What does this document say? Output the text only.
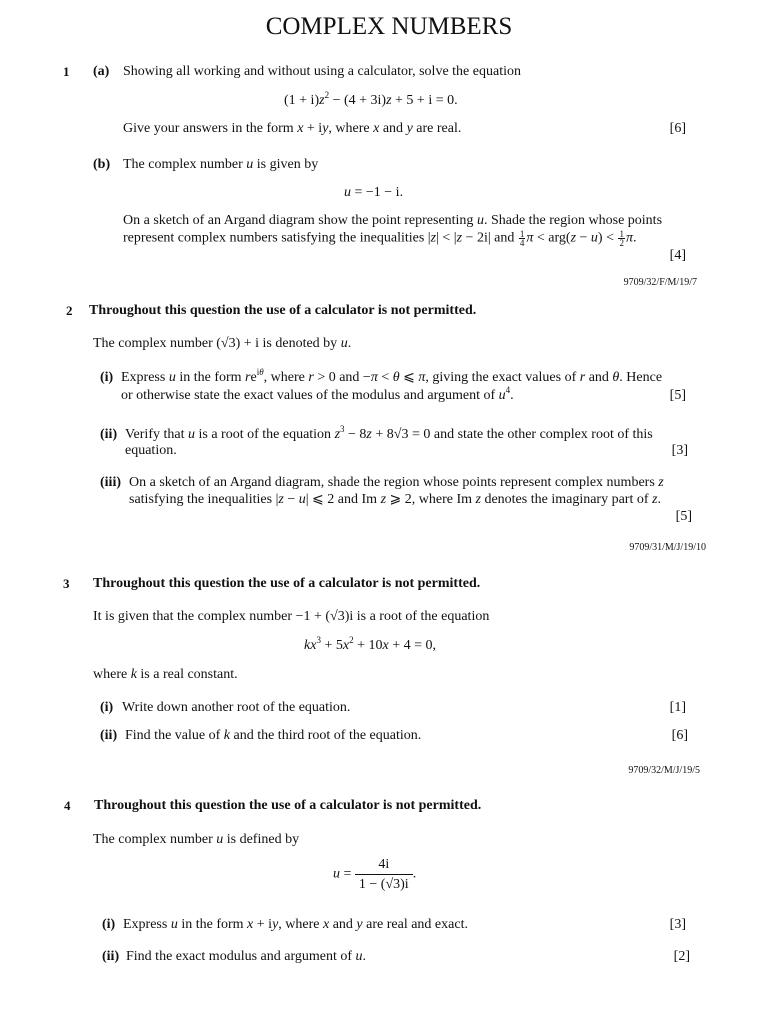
COMPLEX NUMBERS
1 (a) Showing all working and without using a calculator, solve the equation
$(1 + i)z^2 - (4 + 3i)z + 5 + i = 0$.
Give your answers in the form x + iy, where x and y are real.	[6]
(b) The complex number u is given by
u = −1 − i.
On a sketch of an Argand diagram show the point representing u. Shade the region whose points
represent complex numbers satisfying the inequalities |z| < |z − 2i| and $\frac{1}{4}$ $\pi < arg(z - u) < \frac{1}{2} \pi$.
[4]
9709/32/F/M/19/7
2 Throughout this question the use of a calculator is not permitted.
The complex number (√3) + i is denoted by u.
(i) Express u in the form $re^{i\theta}$, where r > 0 and −π < θ ⩽ π, giving the exact values of r and θ. Hence
or otherwise state the exact values of the modulus and argument of $u^4$.	[5]
(ii) Verify that u is a root of the equation $z^3 - 8z + 8√3 = 0$ and state the other complex root of this
equation.	[3]
(iii) On a sketch of an Argand diagram, shade the region whose points represent complex numbers z
satisfying the inequalities |z − u| ⩽ 2 and Im z ⩾ 2, where Im z denotes the imaginary part of z.
[5]
9709/31/M/J/19/10
3 Throughout this question the use of a calculator is not permitted.
It is given that the complex number −1 + (√3)i is a root of the equation
$kx^3 + 5x^2 + 10x + 4 = 0$,
where k is a real constant.
(i) Write down another root of the equation.	[1]
(ii) Find the value of k and the third root of the equation.	[6]
9709/32/M/J/19/5
4 Throughout this question the use of a calculator is not permitted.
The complex number u is defined by
$u = \frac{4i}{1 - (√3)i}$ .
(i) Express u in the form x + iy, where x and y are real and exact.	[3]
(ii) Find the exact modulus and argument of u.	[2]
